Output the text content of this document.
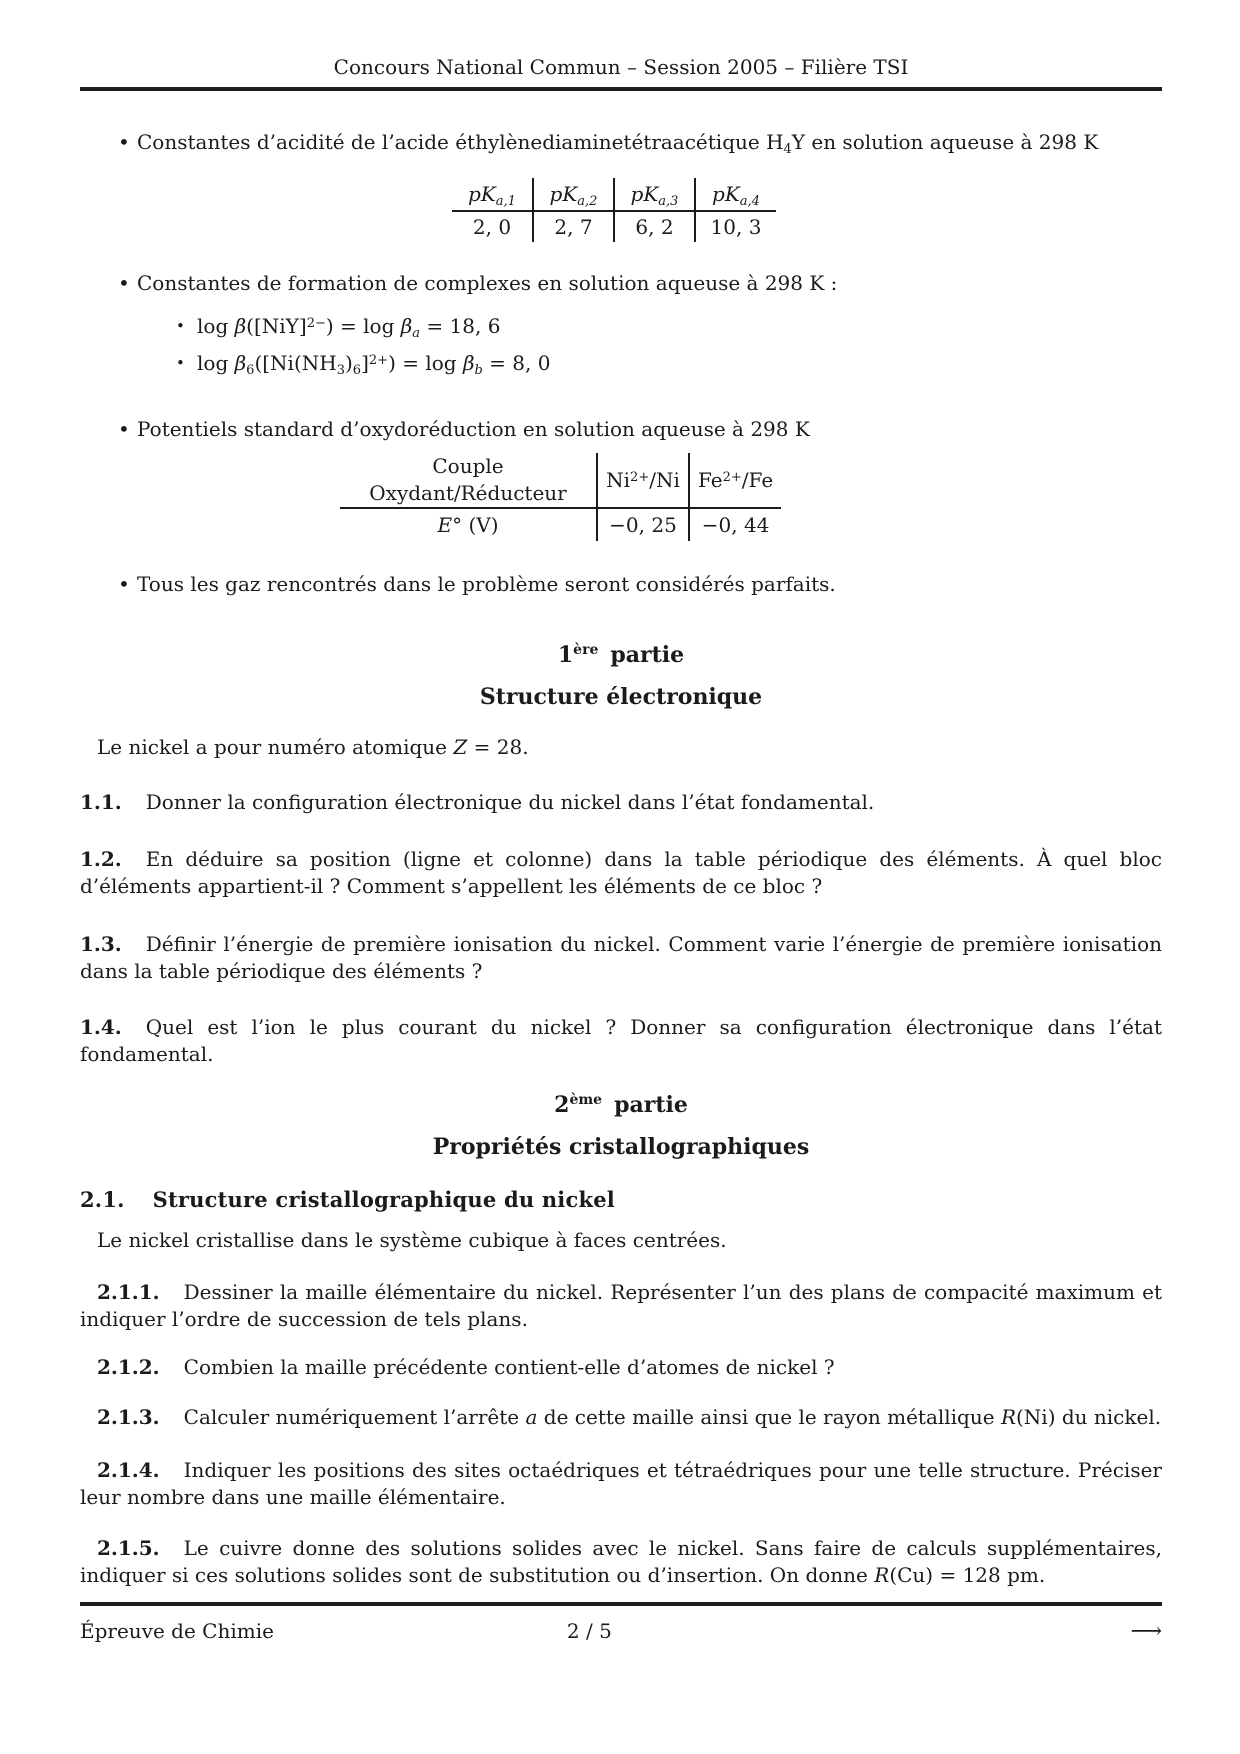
Concours National Commun – Session 2005 – Filière TSI
• Constantes d’acidité de l’acide éthylènediaminetétraacétique $H_4Y$ en solution aqueuse à 298 K
$pK_{a,1}$	$pK_{a,2}$	$pK_{a,3}$	$pK_{a,4}$
2, 0	2, 7	6, 2	10, 3
• Constantes de formation de complexes en solution aqueuse à 298 K :
• $\log \beta([NiY]^{2-}) = \log \beta_a = 18$, 6
• $\log \beta_6([Ni(NH_3)_6]^{2+}) = \log \beta_b = 8$, 0
• Potentiels standard d’oxydoréduction en solution aqueuse à 298 K
Couple Oxydant/Réducteur	$Ni^{2+}/Ni$	$Fe^{2+}/Fe$
E° (V)	−0, 25	−0, 44
• Tous les gaz rencontrés dans le problème seront considérés parfaits.
1ère partie
Structure électronique

Le nickel a pour numéro atomique Z = 28.

1.1. Donner la configuration électronique du nickel dans l’état fondamental.

1.2. En déduire sa position (ligne et colonne) dans la table périodique des éléments. À quel bloc d’éléments appartient-il ? Comment s’appellent les éléments de ce bloc ?

1.3. Définir l’énergie de première ionisation du nickel. Comment varie l’énergie de première ionisation dans la table périodique des éléments ?

1.4. Quel est l’ion le plus courant du nickel ? Donner sa configuration électronique dans l’état fondamental.

2ème partie
Propriétés cristallographiques
2.1. Structure cristallographique du nickel

Le nickel cristallise dans le système cubique à faces centrées.

2.1.1. Dessiner la maille élémentaire du nickel. Représenter l’un des plans de compacité maximum et indiquer l’ordre de succession de tels plans.

2.1.2. Combien la maille précédente contient-elle d’atomes de nickel ?

2.1.3. Calculer numériquement l’arrête a de cette maille ainsi que le rayon métallique R(Ni) du nickel.

2.1.4. Indiquer les positions des sites octaédriques et tétraédriques pour une telle structure. Préciser leur nombre dans une maille élémentaire.

2.1.5. Le cuivre donne des solutions solides avec le nickel. Sans faire de calculs supplémentaires, indiquer si ces solutions solides sont de substitution ou d’insertion. On donne R(Cu) = 128 pm.

Épreuve de Chimie	2 / 5	⟶
